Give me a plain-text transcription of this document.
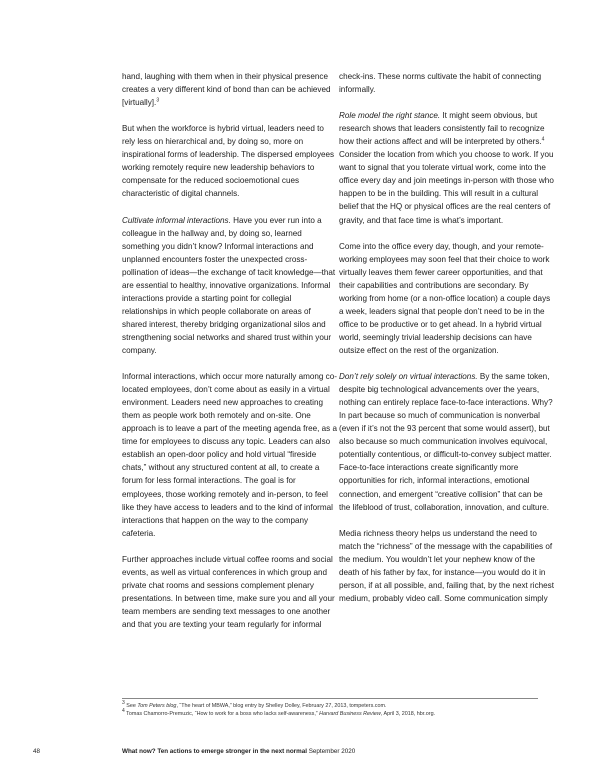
hand, laughing with them when in their physical presence creates a very different kind of bond than can be achieved [virtually].$^3$

But when the workforce is hybrid virtual, leaders need to rely less on hierarchical and, by doing so, more on inspirational forms of leadership. The dispersed employees working remotely require new leadership behaviors to compensate for the reduced socioemotional cues characteristic of digital channels.

Cultivate informal interactions. Have you ever run into a colleague in the hallway and, by doing so, learned something you didn’t know? Informal interactions and unplanned encounters foster the unexpected cross-pollination of ideas—the exchange of tacit knowledge—that are essential to healthy, innovative organizations. Informal interactions provide a starting point for collegial relationships in which people collaborate on areas of shared interest, thereby bridging organizational silos and strengthening social networks and shared trust within your company.

Informal interactions, which occur more naturally among co-located employees, don’t come about as easily in a virtual environment. Leaders need new approaches to creating them as people work both remotely and on-site. One approach is to leave a part of the meeting agenda free, as a time for employees to discuss any topic. Leaders can also establish an open-door policy and hold virtual “fireside chats,” without any structured content at all, to create a forum for less formal interactions. The goal is for employees, those working remotely and in-person, to feel like they have access to leaders and to the kind of informal interactions that happen on the way to the company cafeteria.

Further approaches include virtual coffee rooms and social events, as well as virtual conferences in which group and private chat rooms and sessions complement plenary presentations. In between time, make sure you and all your team members are sending text messages to one another and that you are texting your team regularly for informal

check-ins. These norms cultivate the habit of connecting informally.

Role model the right stance. It might seem obvious, but research shows that leaders consistently fail to recognize how their actions affect and will be interpreted by others.$^4$ Consider the location from which you choose to work. If you want to signal that you tolerate virtual work, come into the office every day and join meetings in-person with those who happen to be in the building. This will result in a cultural belief that the HQ or physical offices are the real centers of gravity, and that face time is what’s important.

Come into the office every day, though, and your remote-working employees may soon feel that their choice to work virtually leaves them fewer career opportunities, and that their capabilities and contributions are secondary. By working from home (or a non-office location) a couple days a week, leaders signal that people don’t need to be in the office to be productive or to get ahead. In a hybrid virtual world, seemingly trivial leadership decisions can have outsize effect on the rest of the organization.

Don’t rely solely on virtual interactions. By the same token, despite big technological advancements over the years, nothing can entirely replace face-to-face interactions. Why? In part because so much of communication is nonverbal (even if it’s not the 93 percent that some would assert), but also because so much communication involves equivocal, potentially contentious, or difficult-to-convey subject matter. Face-to-face interactions create significantly more opportunities for rich, informal interactions, emotional connection, and emergent “creative collision” that can be the lifeblood of trust, collaboration, innovation, and culture.

Media richness theory helps us understand the need to match the “richness” of the message with the capabilities of the medium. You wouldn’t let your nephew know of the death of his father by fax, for instance—you would do it in person, if at all possible, and, failing that, by the next richest medium, probably video call. Some communication simply

$^3$ See Tom Peters blog, “The heart of MBWA,” blog entry by Shelley Dolley, February 27, 2013, tompeters.com.
$^4$ Tomas Chamorro-Premuzic, “How to work for a boss who lacks self-awareness,” Harvard Business Review, April 3, 2018, hbr.org.
48	What now? Ten actions to emerge stronger in the next normal September 2020
